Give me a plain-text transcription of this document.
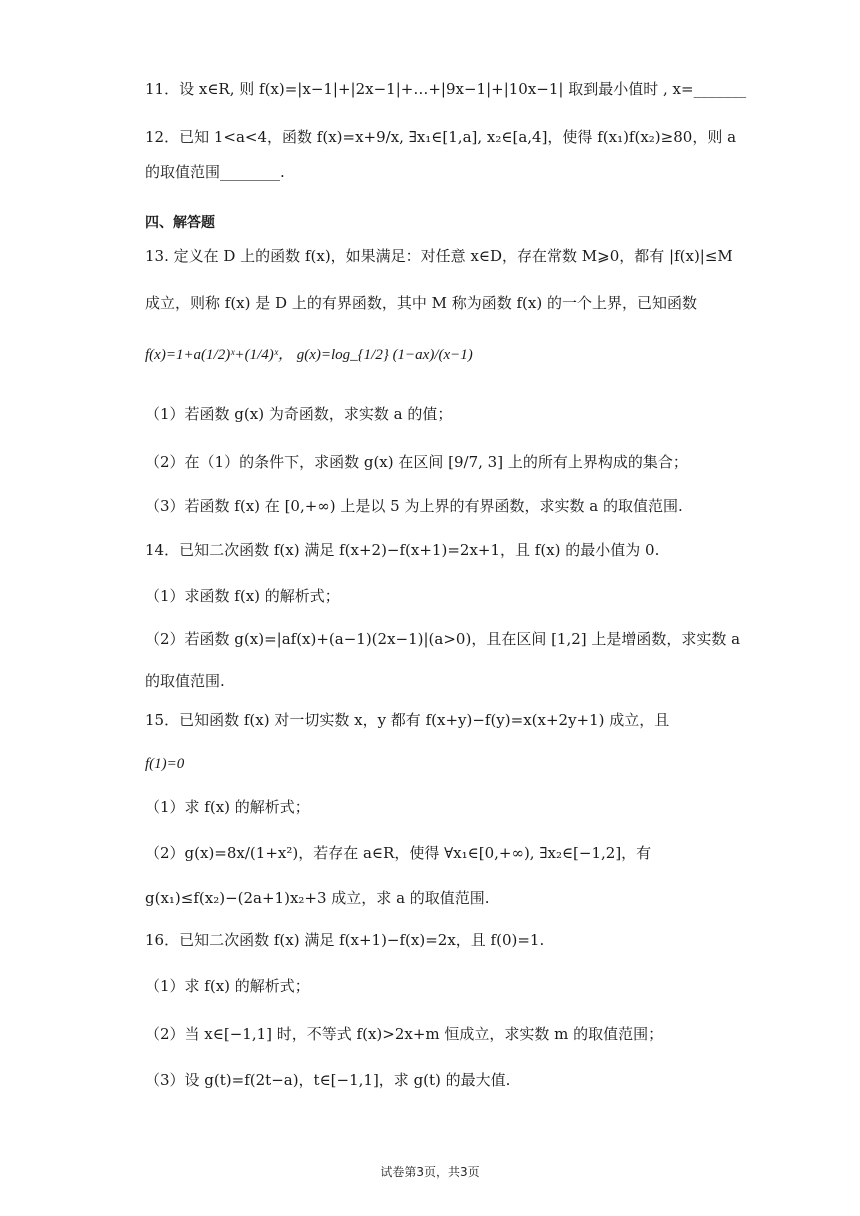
11．设 x∈R, 则 f(x)=|x−1|+|2x−1|+…+|9x−1|+|10x−1| 取到最小值时 , x=_______
12．已知 1<a<4，函数 f(x)=x+9/x, ∃x₁∈[1,a], x₂∈[a,4]，使得 f(x₁)f(x₂)≥80，则 a
的取值范围________.
四、解答题
13. 定义在 D 上的函数 f(x)，如果满足：对任意 x∈D，存在常数 M⩾0，都有 |f(x)|≤M
成立，则称 f(x) 是 D 上的有界函数，其中 M 称为函数 f(x) 的一个上界，已知函数
f(x)=1+a(1/2)ˣ+(1/4)ˣ， g(x)=log_{1/2} (1−ax)/(x−1)
（1）若函数 g(x) 为奇函数，求实数 a 的值；
（2）在（1）的条件下，求函数 g(x) 在区间 [9/7, 3] 上的所有上界构成的集合；
（3）若函数 f(x) 在 [0,+∞) 上是以 5 为上界的有界函数，求实数 a 的取值范围.
14．已知二次函数 f(x) 满足 f(x+2)−f(x+1)=2x+1，且 f(x) 的最小值为 0.
（1）求函数 f(x) 的解析式；
（2）若函数 g(x)=|af(x)+(a−1)(2x−1)|(a>0)，且在区间 [1,2] 上是增函数，求实数 a
的取值范围.
15．已知函数 f(x) 对一切实数 x，y 都有 f(x+y)−f(y)=x(x+2y+1) 成立，且
f(1)=0
（1）求 f(x) 的解析式；
（2）g(x)=8x/(1+x²)，若存在 a∈R，使得 ∀x₁∈[0,+∞), ∃x₂∈[−1,2]，有
g(x₁)≤f(x₂)−(2a+1)x₂+3 成立，求 a 的取值范围.
16．已知二次函数 f(x) 满足 f(x+1)−f(x)=2x，且 f(0)=1.
（1）求 f(x) 的解析式；
（2）当 x∈[−1,1] 时，不等式 f(x)>2x+m 恒成立，求实数 m 的取值范围；
（3）设 g(t)=f(2t−a)，t∈[−1,1]，求 g(t) 的最大值.
试卷第3页，共3页
